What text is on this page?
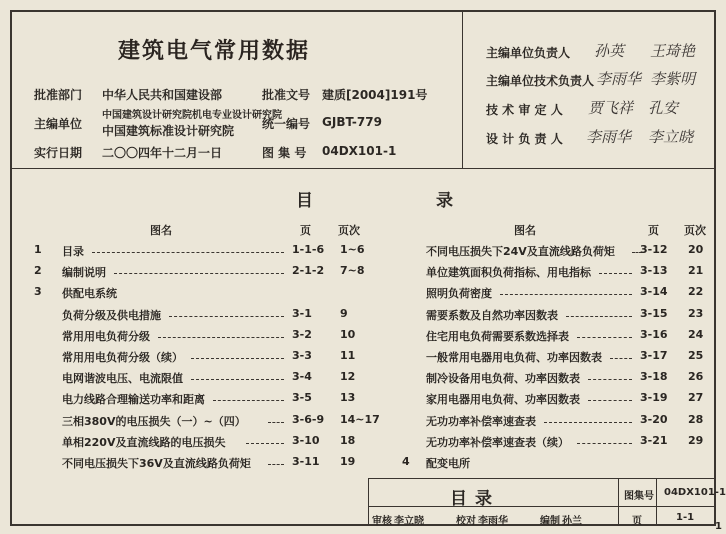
建筑电气常用数据
批准部门 中华人民共和国建设部	批准文号 建质[2004]191号
主编单位
中国建筑设计研究院机电专业设计研究院
中国建筑标准设计研究院 统一编号 GJBT-779
实行日期 二〇〇四年十二月一日	图 集 号 04DX101-1
主编单位负责人 孙英 王琦艳
主编单位技术负责人 李雨华 李紫明
技 术 审 定 人 贾飞祥 孔安
设 计 负 责 人 李雨华 李立晓
目	录
图名	页 页次	图名	页 页次
1	目录	1-1-6 1~6
2	编制说明	2-1-2 7~8
3	供配电系统
负荷分级及供电措施	3-1	9
常用用电负荷分级	3-2	10
常用用电负荷分级（续）	3-3	11
电网谐波电压、电流限值	3-4	12
电力线路合理输送功率和距离	3-5	13
三相380V的电压损失（一）~（四）	3-6-9 14~17
单相220V及直流线路的电压损失	3-10 18
不同电压损失下36V及直流线路负荷矩	3-11 19
不同电压损失下24V及直流线路负荷矩 3-12 20
单位建筑面积负荷指标、用电指标	3-13 21
照明负荷密度	3-14 22
需要系数及自然功率因数表	3-15 23
住宅用电负荷需要系数选择表	3-16 24
一般常用电器用电负荷、功率因数表	3-17 25
制冷设备用电负荷、功率因数表	3-18 26
家用电器用电负荷、功率因数表	3-19 27
无功功率补偿率速查表	3-20 28
无功功率补偿率速查表（续）	3-21 29
4	配变电所
目录	图集号 04DX101-1
审核 李立晓	校对 李雨华	编制 孙兰	页	1-1
1
